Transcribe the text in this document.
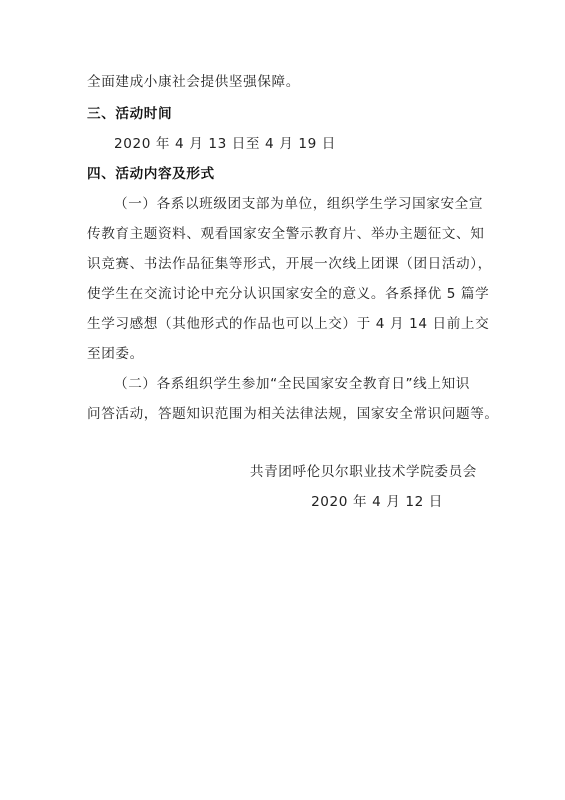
全面建成小康社会提供坚强保障。
三、活动时间
2020 年 4 月 13 日至 4 月 19 日
四、活动内容及形式
（一）各系以班级团支部为单位，组织学生学习国家安全宣
传教育主题资料、观看国家安全警示教育片、举办主题征文、知
识竞赛、书法作品征集等形式，开展一次线上团课（团日活动），
使学生在交流讨论中充分认识国家安全的意义。各系择优 5 篇学
生学习感想（其他形式的作品也可以上交）于 4 月 14 日前上交
至团委。
（二）各系组织学生参加“全民国家安全教育日”线上知识
问答活动，答题知识范围为相关法律法规，国家安全常识问题等。
共青团呼伦贝尔职业技术学院委员会
2020 年 4 月 12 日
